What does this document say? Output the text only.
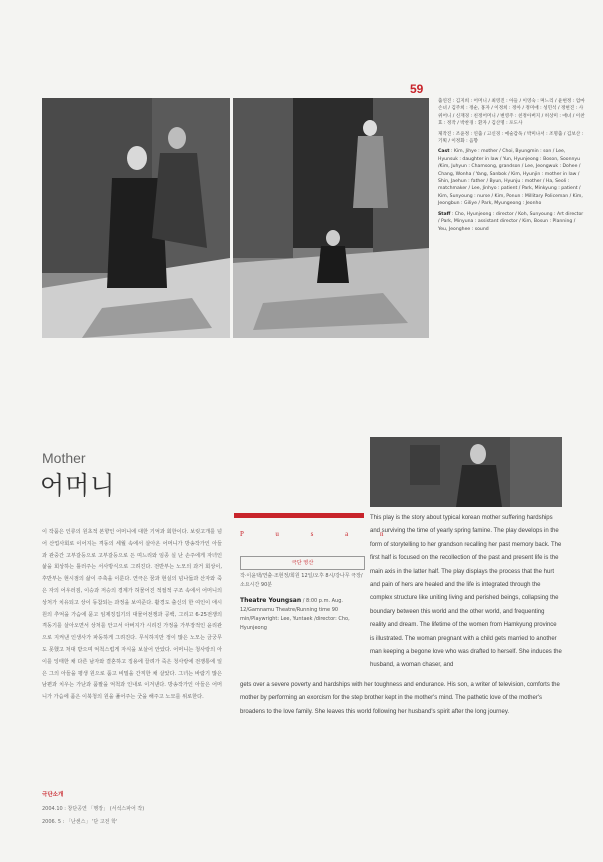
59

출연진 : 김지희 : 어머니 / 최영진 : 아들 / 이영숙 : 며느리 / 윤현정 : 엄마 손녀 / 김주희 : 정순, 홍자 / 이정희 : 정아 / 정미애 : 성민석 / 정현진 : 사위어니 / 신재경 : 친정어머니 / 변영주 : 친정아버지 / 허상미 : 애녀 / 이찬효 : 정작 / 박찬경 : 환자 / 김산명 : 포도사

제작진 : 조윤정 : 연출 / 고신경 : 예술감독 / 박미나서 : 조명출 / 김보산 : 기획 / 이정화 : 음향

Cast : Kim, Jihye : mother / Choi, Byungmin : son / Lee, Hyunsuk : daughter in law / Yun, Hyunjeong : Boson, Soonnyu /Kim, Juhyun : Chamsong, grandson / Lee, Jeongwuk : Dohee / Chang, Wonha / Yang, Sanbok / Kim, Hyunjin : mother in law / Shin, Jaehun : father / Byun, Hyunju : mother / Ha, Seoli : matchmaker / Lee, Jinhyo : patient / Park, Minkyung : patient / Kim, Sunyoung : nurse / Kim, Ponun : Millitary Policeman / Kim, Jeongbun : Giliye / Park, Myungeong : Jeonho

Staff : Cho, Hyunjeong : director / Koh, Sunyoung : Art director / Park, Minyuna : assistant director / Kim, Bosun : Planning / Yeu, Jeonghee : sound

Mother
어머니
이 작품은 인류의 원초적 본향인 어머니에 대한 기억과 회한이다. 보릿고개를 넘어 산업사회로 이어지는 격동의 세월 속에서 살아온 어머니가 방송작가인 아들과 관중간 고부갈등으로 고부갈등으로 든 며느리와 임종 실 난 손주에게 자녀인 삶을 회상하는 틀러주는 서사방식으로 그려진다. 전반부는 노모의 과거 회상이, 후반부는 현시점의 삶이 주축을 이룬다. 연극은 꿈과 현실의 넘나듦과 산자와 죽은 자의 어우러짐, 이승과 저승의 경계가 허물어진 적절적 구조 속에서 어머니의 상처가 치유되고 상이 동참되는 과정을 보여준다. 활경도 출신의 한 여인이 애시원의 추억을 가슴에 묻고 임제징집기의 대물어전쟁과 공백, 그리고 6·25전쟁의 격동기를 살아오면서 상처를 안고서 아버지가 시리진 가정을 가부장적인 윤리관으로 지켜낸 인생사가 파동하게 그려진다. 무식하지만 정이 많은 노모는 금궁무도 못했고 처대 받으며 억척스럽게 자식을 보살어 안았다. 어머니는 청사랑의 아이를 잉태한 채 다른 남자와 결혼하고 징용에 끌려가 죽은 청사랑에 전쟁통에 일은 그의 아들을 평생 원으로 품고 비밀을 간직한 채 살았다. 그녀는 바람기 많은 남편과 치우는 가난과 품팔을 억척과 인내로 이겨낸다. 방송작가인 아들은 어머니가 가슴에 품은 이북청의 원을 풀어주는 굿을 해주고 노모를 위로한다.
P u s a n
극단 영산
작·이윤택/연출·조현정/희원 12일/오후 8시/강나무 극장/소요시간 90분
Theatre Youngsan / 8:00 p.m. Aug. 12/Gamnamu Theatre/Running time 90 min/Playwright: Lee, Yuntaek /director: Cho, Hyunjeong
This play is the story about typical korean mother suffering hardships and surviving the time of yearly spring famine. The play develops in the form of storytelling to her grandson recalling her past memory back. The first half is focused on the recollection of the past and present life is the main axis in the latter half. The play displays the process that the hurt and pain of hers are healed and the life is integrated through the complex structure like uniting living and perished beings, collapsing the boundary between this world and the other world, and frequenting reality and dream. The lifetime of the women from Hamkyung province is illustrated. The woman pregnant with a child gets married to another man keeping a begone love who was drafted to herself. She induces the husband, a woman chaser, and
gets over a severe poverty and hardships with her toughness and endurance. His son, a writer of television, comforts the mother by performing an exorcism for the step brother kept in the mother's mind. The pathetic love of the mother's broadens to the love family. She leaves this world following her husband's spirit after the long journey.
극단소개
2004.10 : 창단공연 「행장」 (서석스파어 작)
2006. 5 : 「난센스」 '단 고전 학'
